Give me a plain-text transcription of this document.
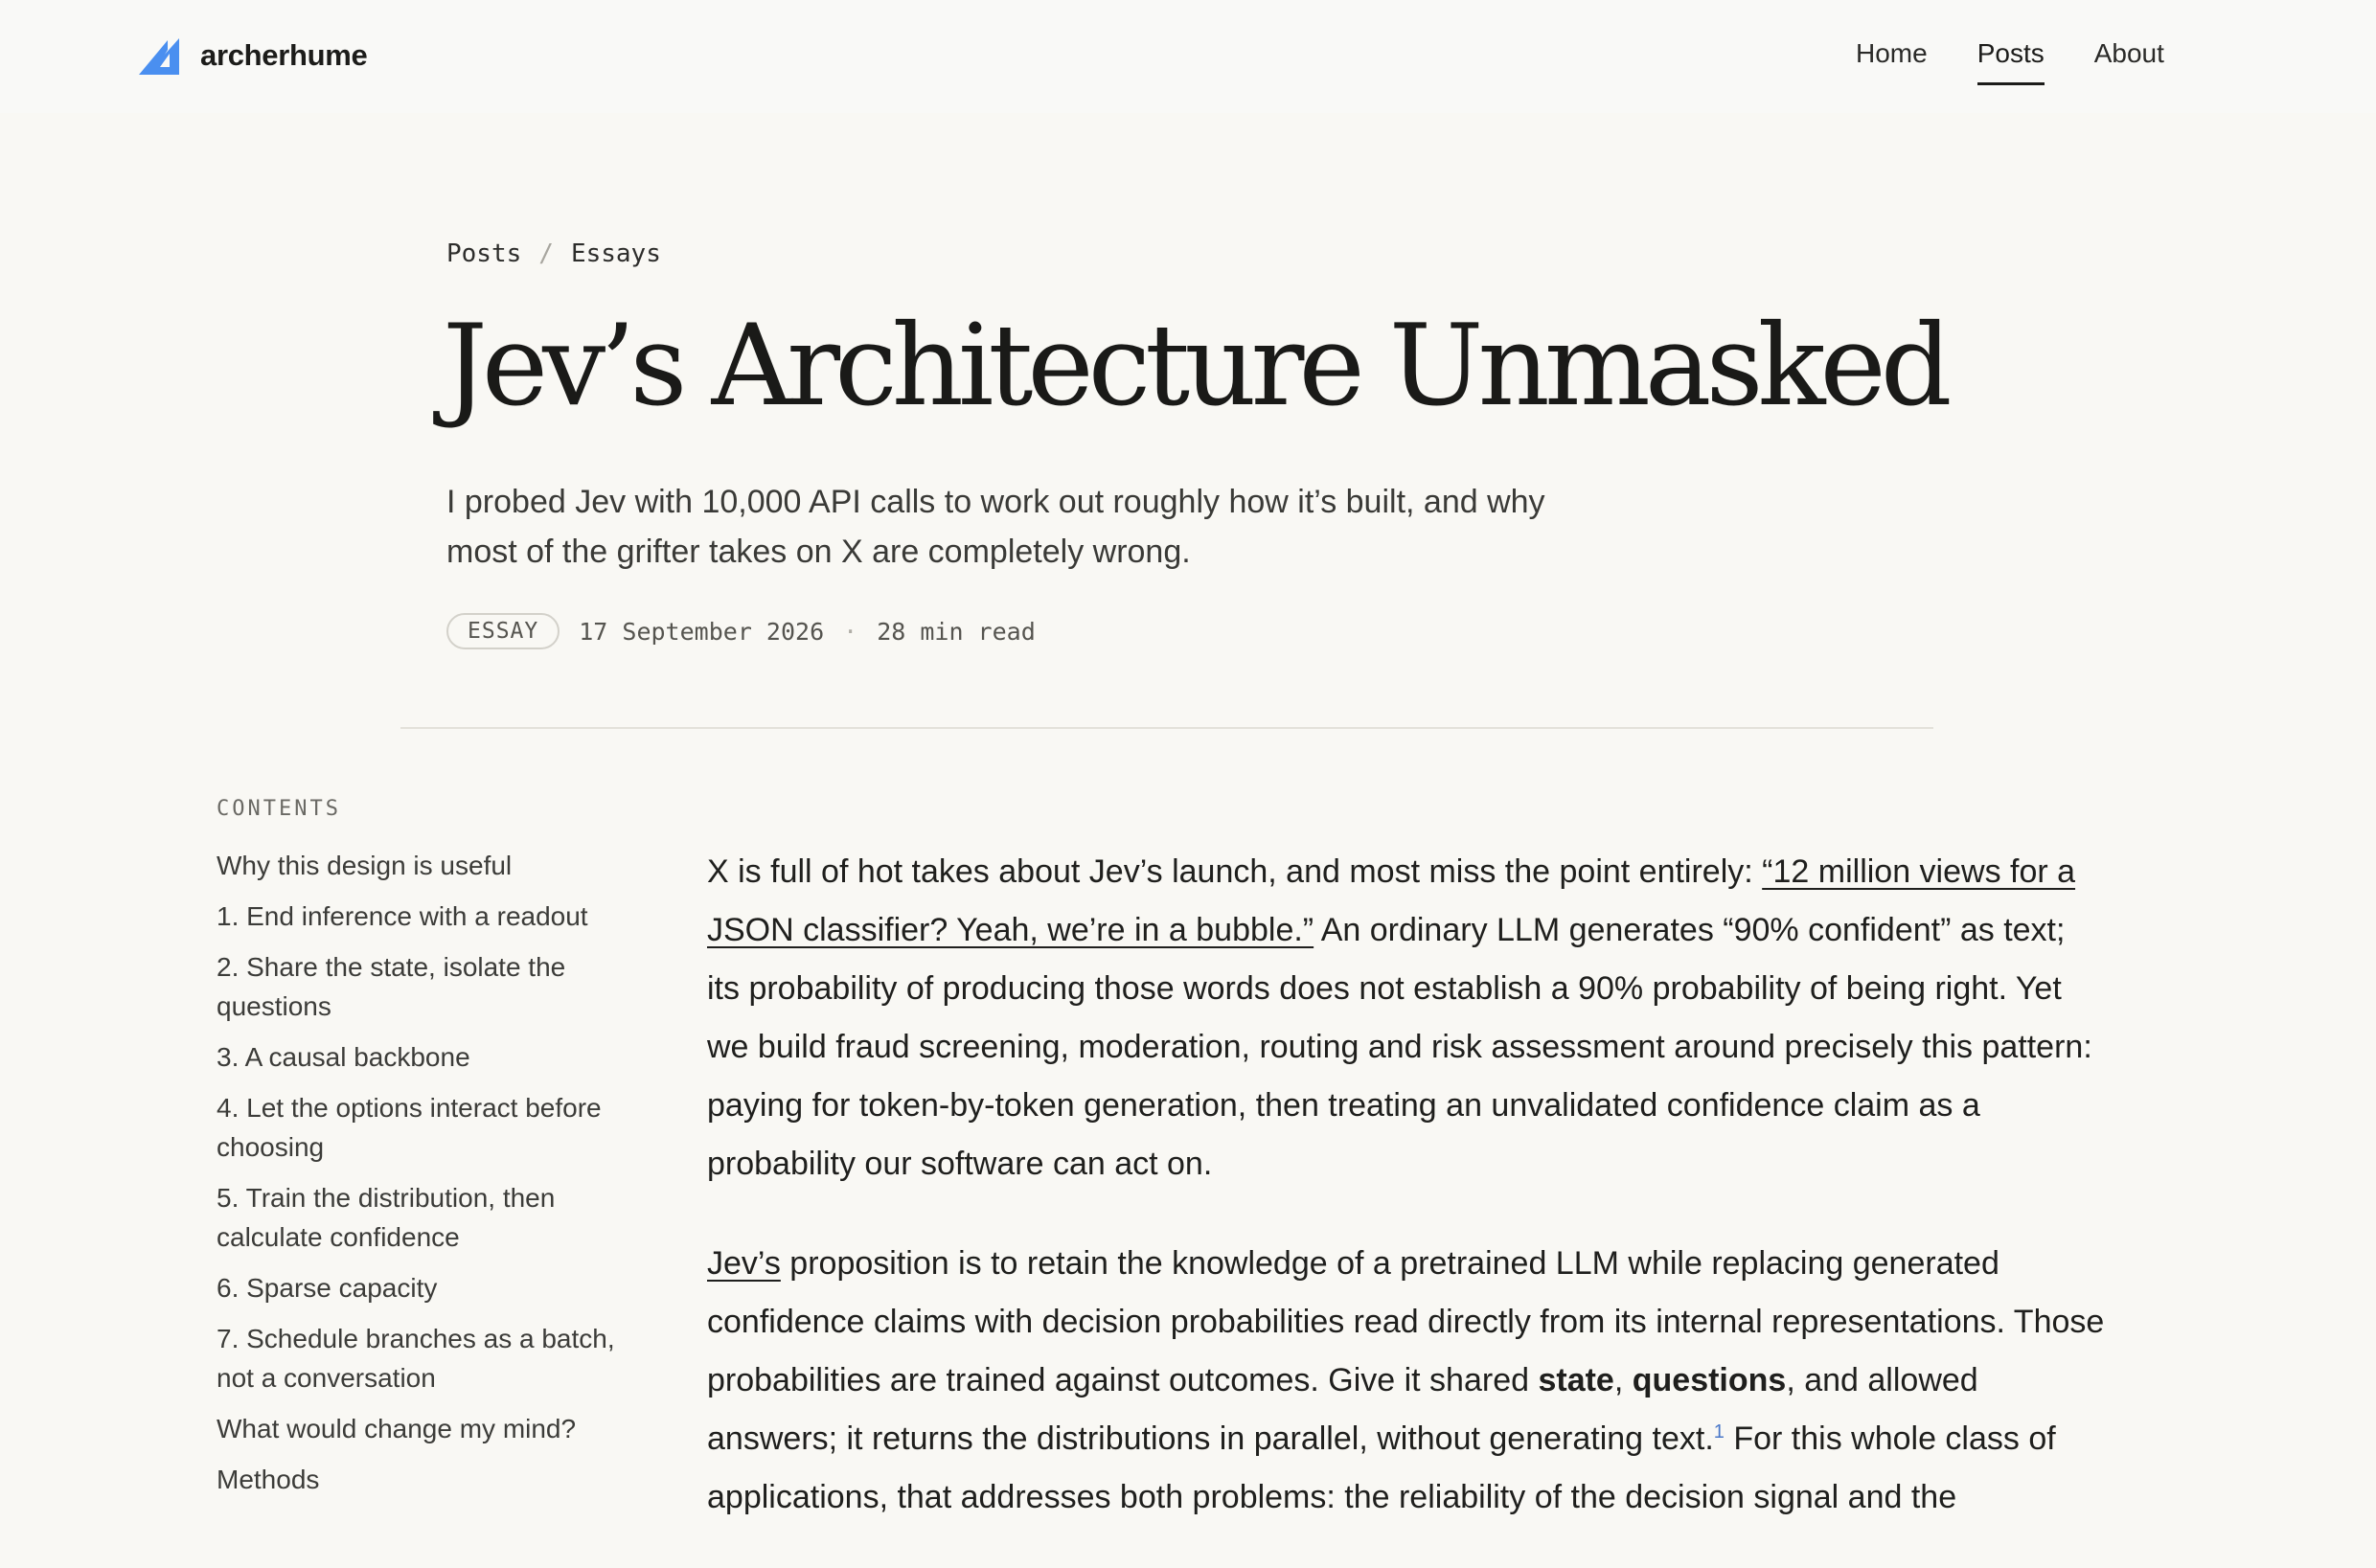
archerhume	Home Posts About
Posts / Essays
Jev’s Architecture Unmasked

I probed Jev with 10,000 API calls to work out roughly how it’s built, and why most of the grifter takes on X are completely wrong.

ESSAY	17 September 2026 · 28 min read
CONTENTS
Why this design is useful
1. End inference with a readout
2. Share the state, isolate the questions
3. A causal backbone
4. Let the options interact before choosing
5. Train the distribution, then calculate confidence
6. Sparse capacity
7. Schedule branches as a batch, not a conversation
What would change my mind?
Methods

X is full of hot takes about Jev’s launch, and most miss the point entirely: “12 million views for a JSON classifier? Yeah, we’re in a bubble.” An ordinary LLM generates “90% confident” as text; its probability of producing those words does not establish a 90% probability of being right. Yet we build fraud screening, moderation, routing and risk assessment around precisely this pattern: paying for token-by-token generation, then treating an unvalidated confidence claim as a probability our software can act on.

Jev’s proposition is to retain the knowledge of a pretrained LLM while replacing generated confidence claims with decision probabilities read directly from its internal representations. Those probabilities are trained against outcomes. Give it shared state, questions, and allowed answers; it returns the distributions in parallel, without generating text.$^1$ For this whole class of applications, that addresses both problems: the reliability of the decision signal and the
